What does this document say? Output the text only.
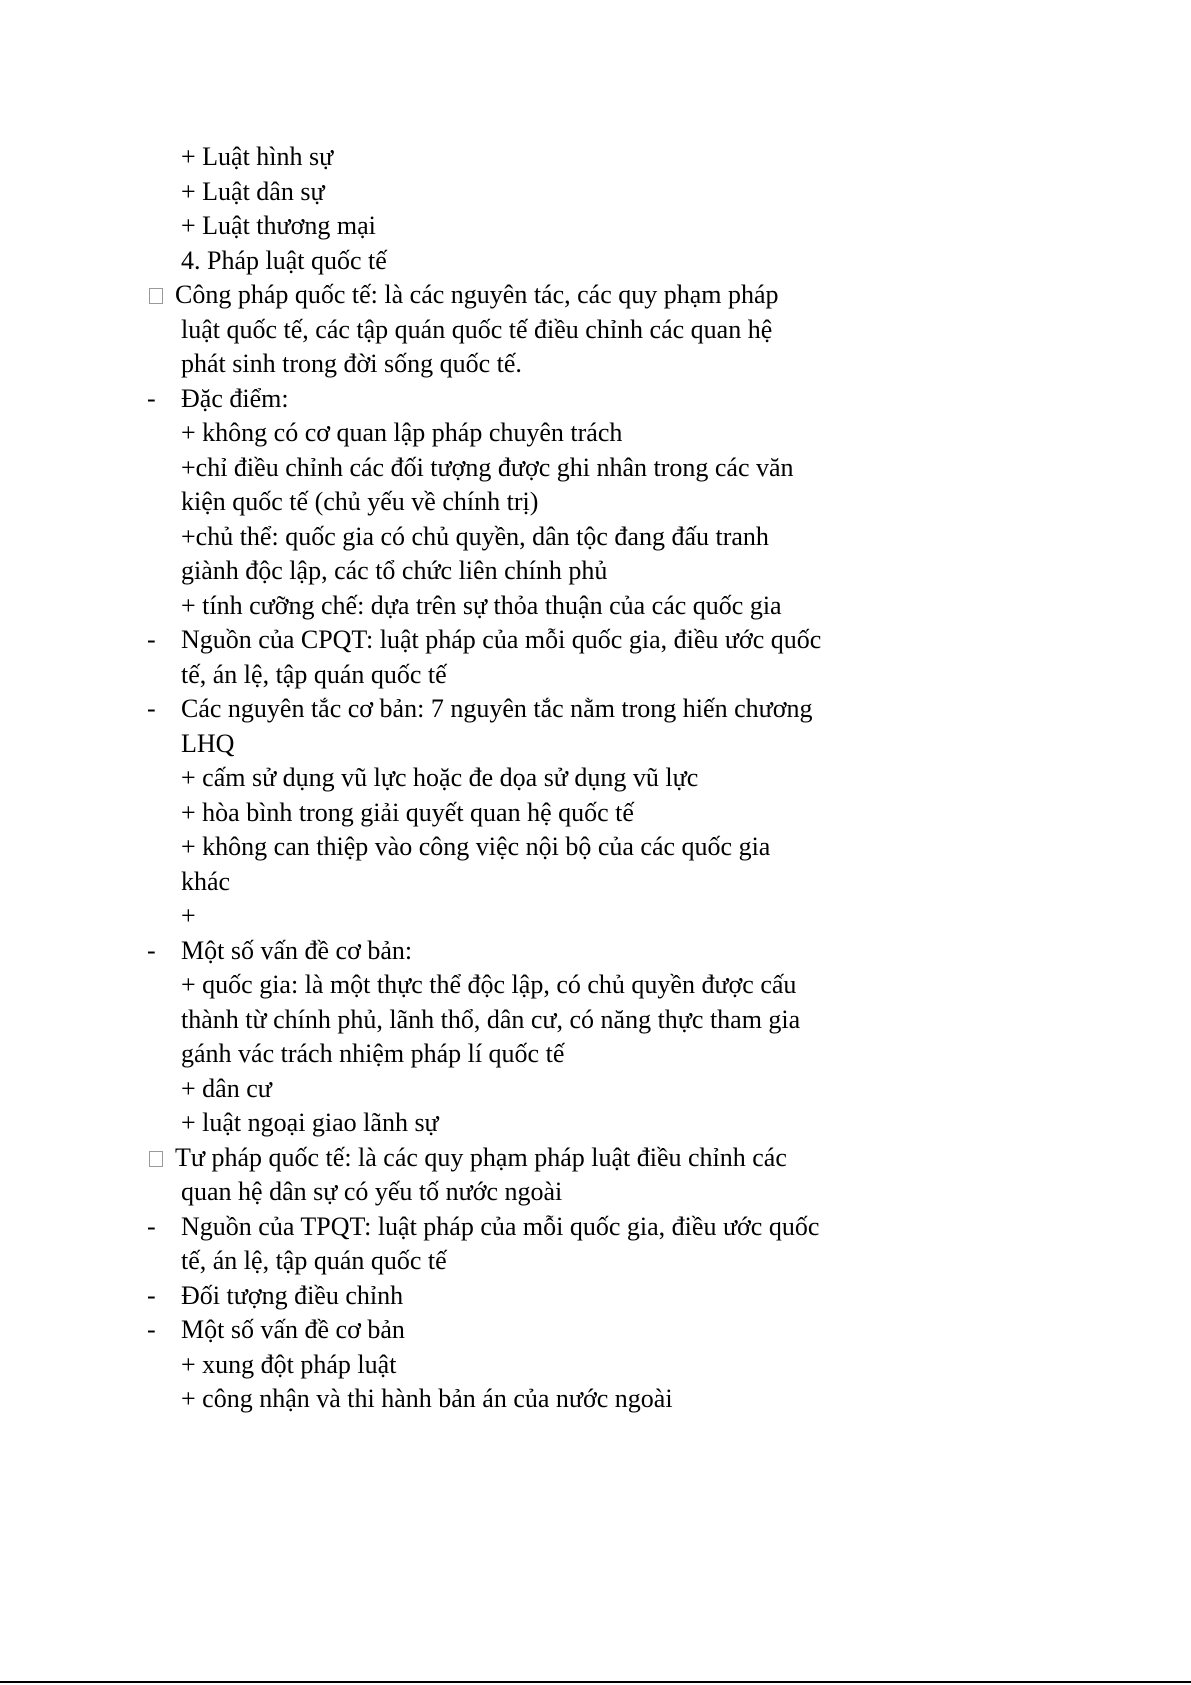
+ Luật hình sự
+ Luật dân sự
+ Luật thương mại
4. Pháp luật quốc tế
Công pháp quốc tế: là các nguyên tác, các quy phạm pháp
luật quốc tế, các tập quán quốc tế điều chỉnh các quan hệ
phát sinh trong đời sống quốc tế.
- Đặc điểm:
+ không có cơ quan lập pháp chuyên trách
+chỉ điều chỉnh các đối tượng được ghi nhân trong các văn
kiện quốc tế (chủ yếu về chính trị)
+chủ thể: quốc gia có chủ quyền, dân tộc đang đấu tranh
giành độc lập, các tổ chức liên chính phủ
+ tính cưỡng chế: dựa trên sự thỏa thuận của các quốc gia
- Nguồn của CPQT: luật pháp của mỗi quốc gia, điều ước quốc
tế, án lệ, tập quán quốc tế
- Các nguyên tắc cơ bản: 7 nguyên tắc nằm trong hiến chương
LHQ
+ cấm sử dụng vũ lực hoặc đe dọa sử dụng vũ lực
+ hòa bình trong giải quyết quan hệ quốc tế
+ không can thiệp vào công việc nội bộ của các quốc gia
khác
+
- Một số vấn đề cơ bản:
+ quốc gia: là một thực thể độc lập, có chủ quyền được cấu
thành từ chính phủ, lãnh thổ, dân cư, có năng thực tham gia
gánh vác trách nhiệm pháp lí quốc tế
+ dân cư
+ luật ngoại giao lãnh sự
Tư pháp quốc tế: là các quy phạm pháp luật điều chỉnh các
quan hệ dân sự có yếu tố nước ngoài
- Nguồn của TPQT: luật pháp của mỗi quốc gia, điều ước quốc
tế, án lệ, tập quán quốc tế
- Đối tượng điều chỉnh
- Một số vấn đề cơ bản
+ xung đột pháp luật
+ công nhận và thi hành bản án của nước ngoài
